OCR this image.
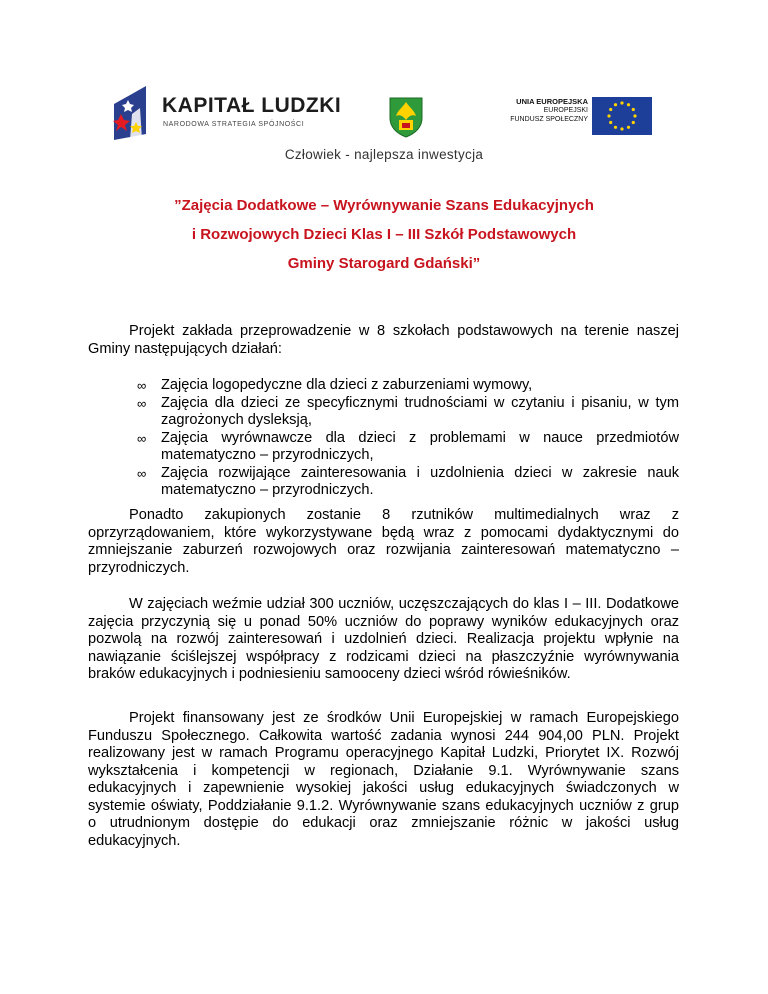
KAPITAŁ LUDZKI
NARODOWA STRATEGIA SPÓJNOŚCI
UNIA EUROPEJSKA
EUROPEJSKI
FUNDUSZ SPOŁECZNY
Człowiek - najlepsza inwestycja
”Zajęcia Dodatkowe – Wyrównywanie Szans Edukacyjnych
i Rozwojowych Dzieci Klas I – III Szkół Podstawowych
Gminy Starogard Gdański”

Projekt zakłada przeprowadzenie w 8 szkołach podstawowych na terenie naszej Gminy następujących działań:

∞ Zajęcia logopedyczne dla dzieci z zaburzeniami wymowy,
∞ Zajęcia dla dzieci ze specyficznymi trudnościami w czytaniu i pisaniu, w tym zagrożonych dysleksją,
∞ Zajęcia wyrównawcze dla dzieci z problemami w nauce przedmiotów matematyczno – przyrodniczych,
∞ Zajęcia rozwijające zainteresowania i uzdolnienia dzieci w zakresie nauk matematyczno – przyrodniczych.

Ponadto zakupionych zostanie 8 rzutników multimedialnych wraz z oprzyrządowaniem, które wykorzystywane będą wraz z pomocami dydaktycznymi do zmniejszanie zaburzeń rozwojowych oraz rozwijania zainteresowań matematyczno – przyrodniczych.

W zajęciach weźmie udział 300 uczniów, uczęszczających do klas I – III. Dodatkowe zajęcia przyczynią się u ponad 50% uczniów do poprawy wyników edukacyjnych oraz pozwolą na rozwój zainteresowań i uzdolnień dzieci. Realizacja projektu wpłynie na nawiązanie ściślejszej współpracy z rodzicami dzieci na płaszczyźnie wyrównywania braków edukacyjnych i podniesieniu samooceny dzieci wśród rówieśników.

Projekt finansowany jest ze środków Unii Europejskiej w ramach Europejskiego Funduszu Społecznego. Całkowita wartość zadania wynosi 244 904,00 PLN. Projekt realizowany jest w ramach Programu operacyjnego Kapitał Ludzki, Priorytet IX. Rozwój wykształcenia i kompetencji w regionach, Działanie 9.1. Wyrównywanie szans edukacyjnych i zapewnienie wysokiej jakości usług edukacyjnych świadczonych w systemie oświaty, Poddziałanie 9.1.2. Wyrównywanie szans edukacyjnych uczniów z grup o utrudnionym dostępie do edukacji oraz zmniejszanie różnic w jakości usług edukacyjnych.
